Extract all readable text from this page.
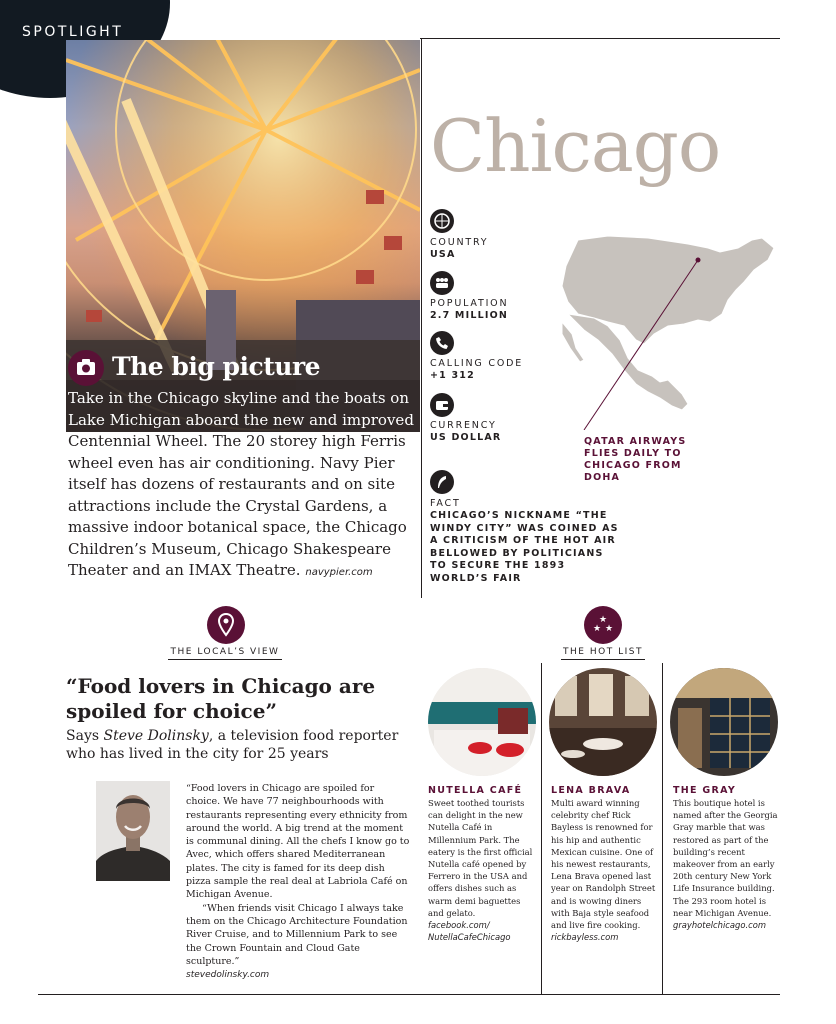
SPOTLIGHT
The big picture
Take in the Chicago skyline and the boats on Lake Michigan aboard the new and improved Centennial Wheel. The 20 storey high Ferris wheel even has air conditioning. Navy Pier itself has dozens of restaurants and on site attractions include the Crystal Gardens, a massive indoor botanical space, the Chicago Children’s Museum, Chicago Shakespeare Theater and an IMAX Theatre. navypier.com
Chicago
COUNTRY
USA
POPULATION
2.7 MILLION
CALLING CODE
+1 312
CURRENCY
US DOLLAR
FACT
CHICAGO’S NICKNAME “THE WINDY CITY” WAS COINED AS A CRITICISM OF THE HOT AIR BELLOWED BY POLITICIANS TO SECURE THE 1893 WORLD’S FAIR
QATAR AIRWAYS FLIES DAILY TO CHICAGO FROM DOHA
THE LOCAL’S VIEW
“Food lovers in Chicago are spoiled for choice”
Says Steve Dolinsky, a television food reporter who has lived in the city for 25 years

“Food lovers in Chicago are spoiled for choice. We have 77 neighbourhoods with restaurants representing every ethnicity from around the world. A big trend at the moment is communal dining. All the chefs I know go to Avec, which offers shared Mediterranean plates. The city is famed for its deep dish pizza sample the real deal at Labriola Café on Michigan Avenue.

“When friends visit Chicago I always take them on the Chicago Architecture Foundation River Cruise, and to Millennium Park to see the Crown Fountain and Cloud Gate sculpture.”

stevedolinsky.com

★
★ ★
THE HOT LIST
NUTELLA CAFÉ
Sweet toothed tourists can delight in the new Nutella Café in Millennium Park. The eatery is the first official Nutella café opened by Ferrero in the USA and offers dishes such as warm demi baguettes and gelato.
facebook.com/
NutellaCafeChicago
LENA BRAVA
Multi award winning celebrity chef Rick Bayless is renowned for his hip and authentic Mexican cuisine. One of his newest restaurants, Lena Brava opened last year on Randolph Street and is wowing diners with Baja style seafood and live fire cooking.
rickbayless.com
THE GRAY
This boutique hotel is named after the Georgia Gray marble that was restored as part of the building’s recent makeover from an early 20th century New York Life Insurance building. The 293 room hotel is near Michigan Avenue.
grayhotelchicago.com
